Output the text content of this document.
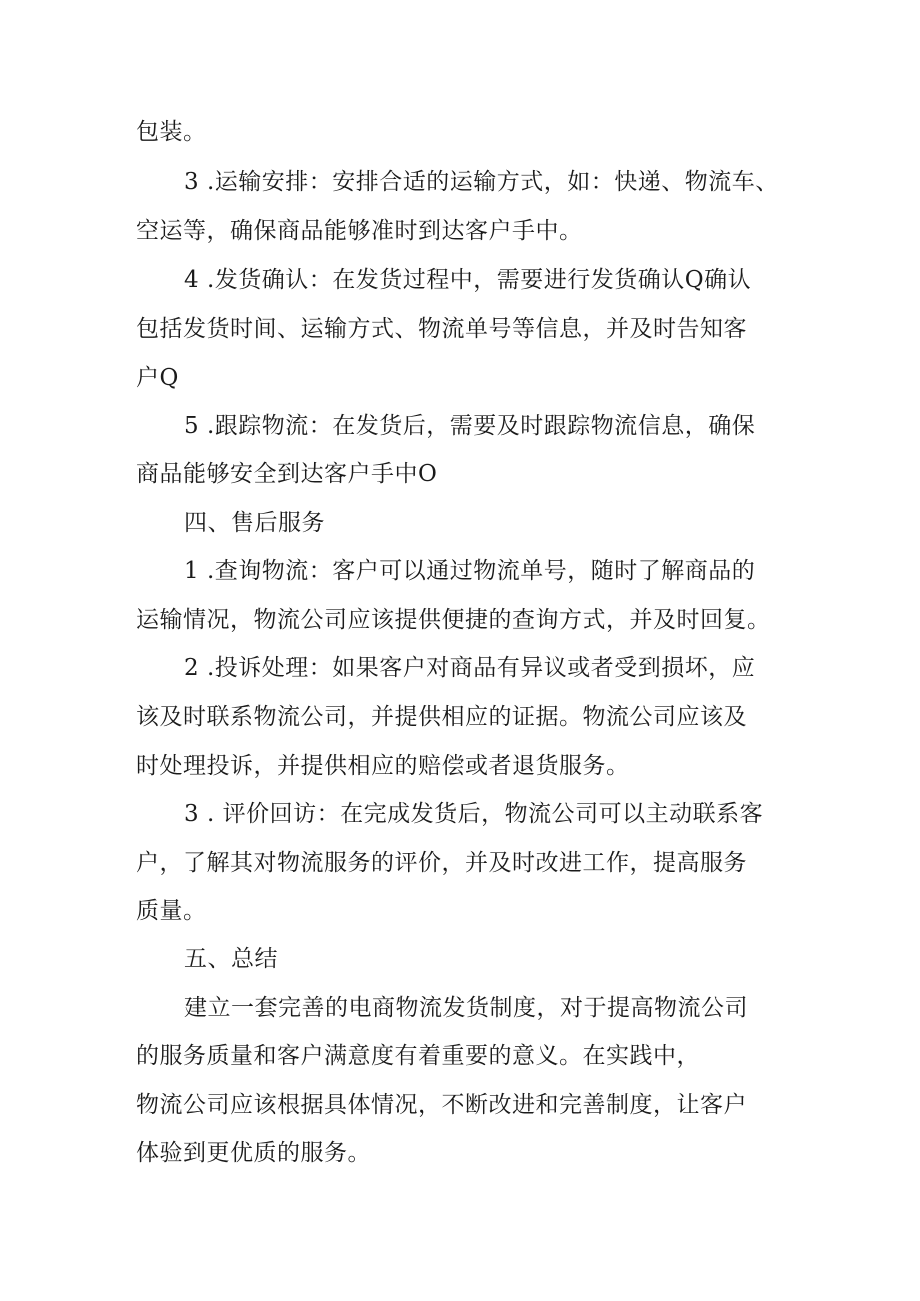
包装。
3 .运输安排：安排合适的运输方式，如：快递、物流车、
空运等，确保商品能够准时到达客户手中。
4 .发货确认：在发货过程中，需要进行发货确认Q确认
包括发货时间、运输方式、物流单号等信息，并及时告知客
户Q
5 .跟踪物流：在发货后，需要及时跟踪物流信息，确保
商品能够安全到达客户手中O
四、售后服务
1 .查询物流：客户可以通过物流单号，随时了解商品的
运输情况，物流公司应该提供便捷的查询方式，并及时回复。
2 .投诉处理：如果客户对商品有异议或者受到损坏，应
该及时联系物流公司，并提供相应的证据。物流公司应该及
时处理投诉，并提供相应的赔偿或者退货服务。
3 . 评价回访：在完成发货后，物流公司可以主动联系客
户，了解其对物流服务的评价，并及时改进工作，提高服务
质量。
五、总结
建立一套完善的电商物流发货制度，对于提高物流公司
的服务质量和客户满意度有着重要的意义。在实践中，
物流公司应该根据具体情况，不断改进和完善制度，让客户
体验到更优质的服务。
